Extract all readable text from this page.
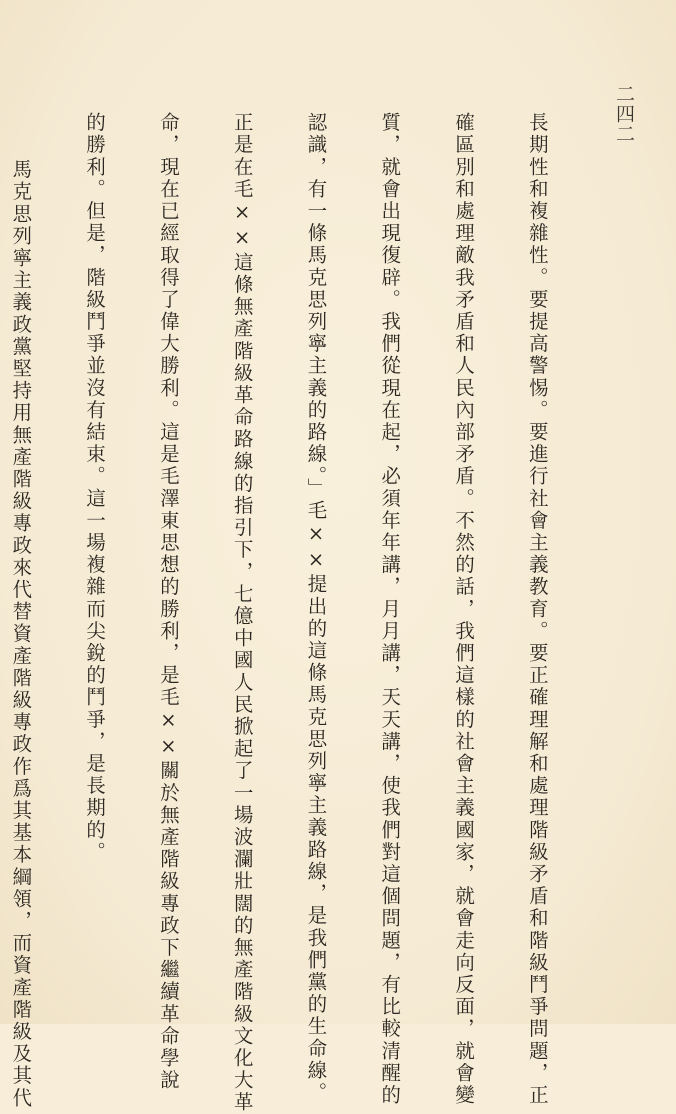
二四二

長期性和複雜性。要提高警惕。要進行社會主義教育。要正確理解和處理階級矛盾和階級鬥爭問題，正

確區別和處理敵我矛盾和人民內部矛盾。不然的話，我們這樣的社會主義國家，就會走向反面，就會變

質，就會出現復辟。我們從現在起，必須年年講，月月講，天天講，使我們對這個問題，有比較清醒的

認識，有一條馬克思列寧主義的路線。」毛××提出的這條馬克思列寧主義路線，是我們黨的生命線。

正是在毛××這條無產階級革命路線的指引下，七億中國人民掀起了一場波瀾壯闊的無產階級文化大革

命，現在已經取得了偉大勝利。這是毛澤東思想的勝利，是毛××關於無產階級專政下繼續革命學說

的勝利。但是，階級鬥爭並沒有結束。這一場複雜而尖銳的鬥爭，是長期的。

馬克思列寧主義政黨堅持用無產階級專政來代替資產階級專政作爲其基本綱領，而資產階級及其代
